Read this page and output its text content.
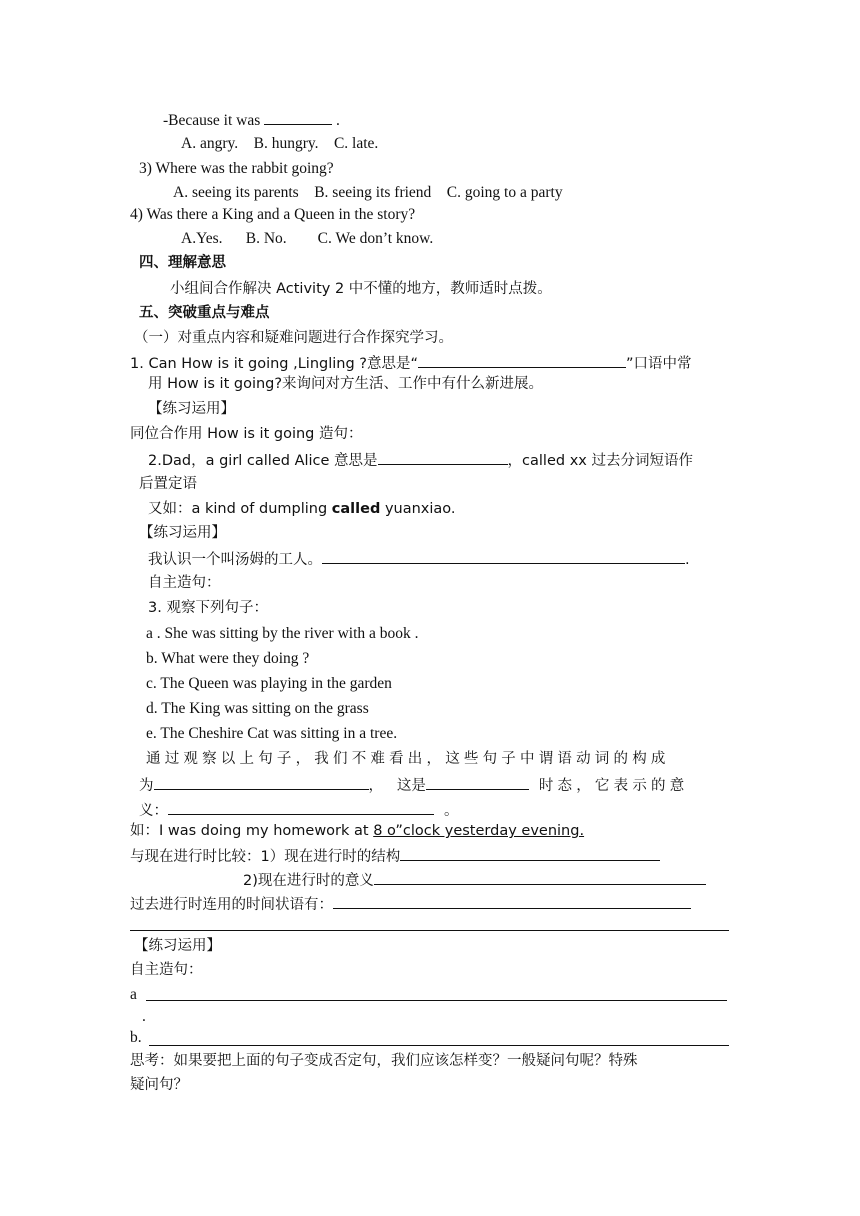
-Because it was	.
A. angry.    B. hungry.    C. late.
3) Where was the rabbit going?
A. seeing its parents    B. seeing its friend    C. going to a party
4) Was there a King and a Queen in the story?
A.Yes.      B. No.        C. We don’t know.
四、理解意思
小组间合作解决 Activity 2 中不懂的地方，教师适时点拨。
五、突破重点与难点
（一）对重点内容和疑难问题进行合作探究学习。
1. Can How is it going ,Lingling ?意思是“	”口语中常
用 How is it going?来询问对方生活、工作中有什么新进展。
【练习运用】
同位合作用 How is it going 造句：
2.Dad，a girl called Alice 意思是	，called xx 过去分词短语作
后置定语
又如：a kind of dumpling called yuanxiao.
【练习运用】
我认识一个叫汤姆的工人。	.
自主造句：
3. 观察下列句子：
a . She was sitting by the river with a book .
b. What were they doing ?
c. The Queen was playing in the garden
d. The King was sitting on the grass
e. The Cheshire Cat was sitting in a tree.
通过观察以上句子，我们不难看出，这些句子中谓语动词的构成
为	，   这是	时态，它表示的意
义：	。
如：I was doing my homework at 8 o”clock yesterday evening.
与现在进行时比较：1）现在进行时的结构
2)现在进行时的意义
过去进行时连用的时间状语有：
【练习运用】
自主造句：
a
.
b.
思考：如果要把上面的句子变成否定句，我们应该怎样变？一般疑问句呢？特殊
疑问句？
